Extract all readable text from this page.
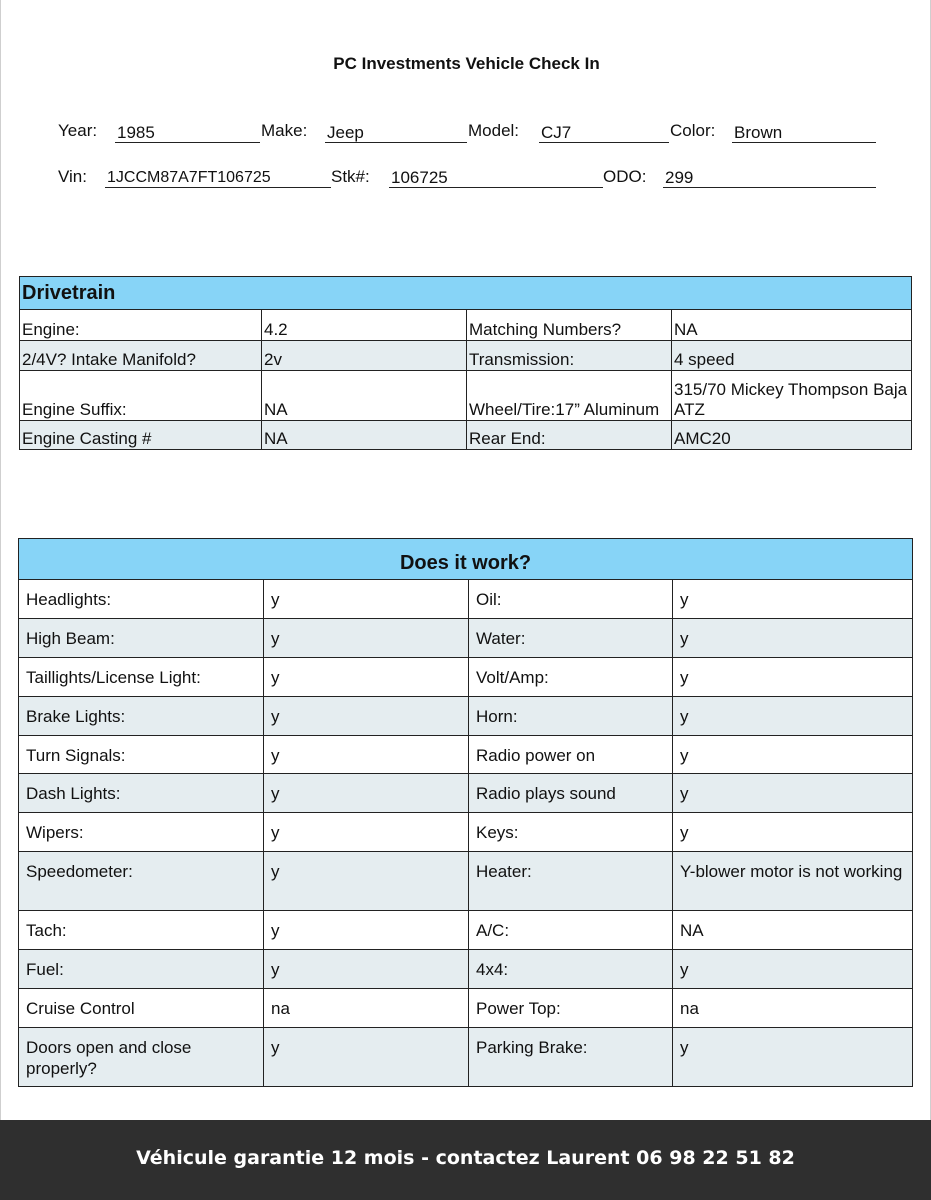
PC Investments Vehicle Check In
Year: 1985	Make: Jeep	Model: CJ7	Color: Brown
Vin: 1JCCM87A7FT106725	Stk#: 106725	ODO: 299
Drivetrain			
Engine:	4.2	Matching Numbers?	NA
2/4V? Intake Manifold?	2v	Transmission:	4 speed
Engine Suffix:	NA	Wheel/Tire:17” Aluminum	315/70 Mickey Thompson Baja ATZ
Engine Casting #	NA	Rear End:	AMC20
Does it work?			
Headlights:	y	Oil:	y
High Beam:	y	Water:	y
Taillights/License Light:	y	Volt/Amp:	y
Brake Lights:	y	Horn:	y
Turn Signals:	y	Radio power on	y
Dash Lights:	y	Radio plays sound	y
Wipers:	y	Keys:	y
Speedometer:	y	Heater:	Y-blower motor is not working
Tach:	y	A/C:	NA
Fuel:	y	4x4:	y
Cruise Control	na	Power Top:	na
Doors open and close properly?	y	Parking Brake:	y
Véhicule garantie 12 mois - contactez Laurent 06 98 22 51 82
